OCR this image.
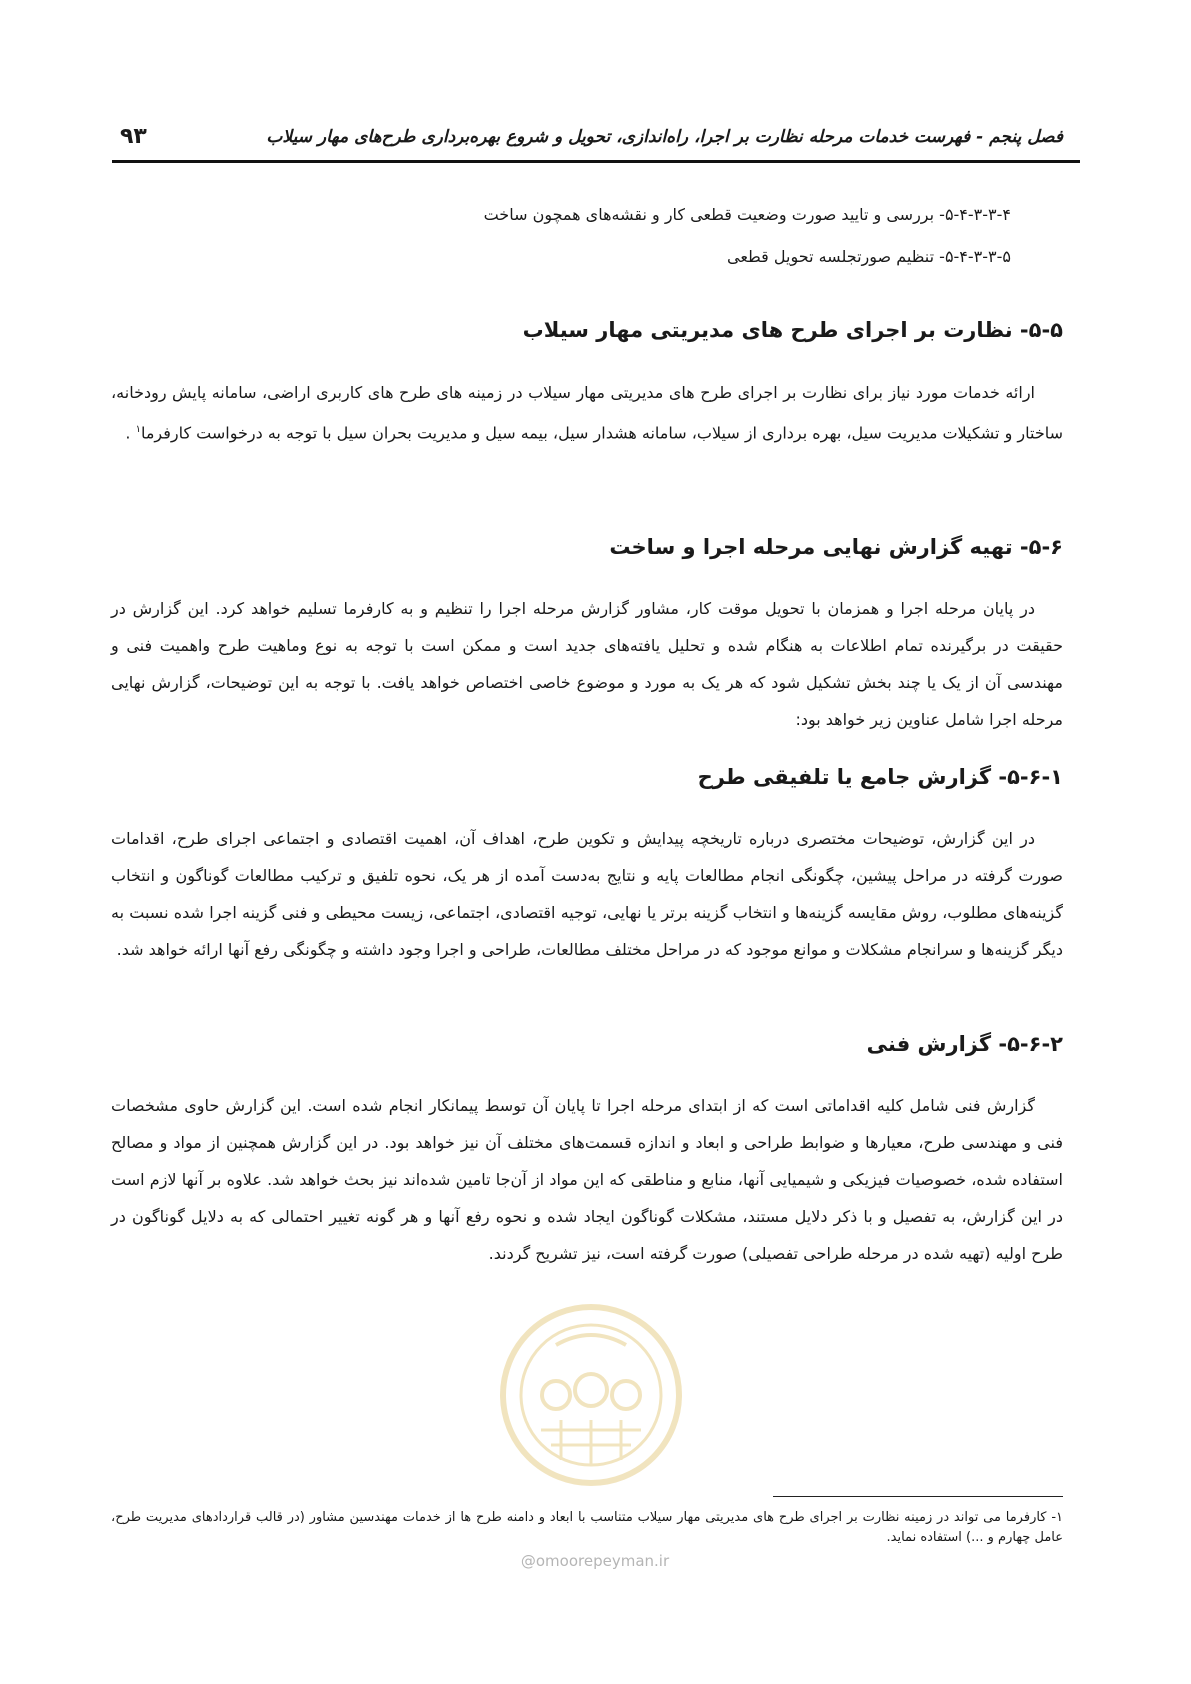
فصل پنجم - فهرست خدمات مرحله نظارت بر اجرا، راه‌اندازی، تحویل و شروع بهره‌برداری طرح‌های مهار سیلاب
۹۳
۵-۴-۳-۳-۴- بررسی و تایید صورت وضعیت قطعی کار و نقشه‌های همچون ساخت
۵-۴-۳-۳-۵- تنظیم صورتجلسه تحویل قطعی
۵-۵- نظارت بر اجرای طرح های مدیریتی مهار سیلاب

ارائه خدمات مورد نیاز برای نظارت بر اجرای طرح های مدیریتی مهار سیلاب در زمینه های طرح های کاربری اراضی، سامانه پایش رودخانه، ساختار و تشکیلات مدیریت سیل، بهره برداری از سیلاب، سامانه هشدار سیل، بیمه سیل و مدیریت بحران سیل با توجه به درخواست کارفرما$^۱$ .

۵-۶- تهیه گزارش نهایی مرحله اجرا و ساخت

در پایان مرحله اجرا و همزمان با تحویل موقت کار، مشاور گزارش مرحله اجرا را تنظیم و به کارفرما تسلیم خواهد کرد. این گزارش در حقیقت در برگیرنده تمام اطلاعات به هنگام شده و تحلیل یافته‌های جدید است و ممکن است با توجه به نوع وماهیت طرح واهمیت فنی و مهندسی آن از یک یا چند بخش تشکیل شود که هر یک به مورد و موضوع خاصی اختصاص خواهد یافت. با توجه به این توضیحات، گزارش نهایی مرحله اجرا شامل عناوین زیر خواهد بود:

۵-۶-۱- گزارش جامع یا تلفیقی طرح

در این گزارش، توضیحات مختصری درباره تاریخچه پیدایش و تکوین طرح، اهداف آن، اهمیت اقتصادی و اجتماعی اجرای طرح، اقدامات صورت گرفته در مراحل پیشین، چگونگی انجام مطالعات پایه و نتایج به‌دست آمده از هر یک، نحوه تلفیق و ترکیب مطالعات گوناگون و انتخاب گزینه‌های مطلوب، روش مقایسه گزینه‌ها و انتخاب گزینه برتر یا نهایی، توجیه اقتصادی، اجتماعی، زیست محیطی و فنی گزینه اجرا شده نسبت به دیگر گزینه‌ها و سرانجام مشکلات و موانع موجود که در مراحل مختلف مطالعات، طراحی و اجرا وجود داشته و چگونگی رفع آنها ارائه خواهد شد.

۵-۶-۲- گزارش فنی

گزارش فنی شامل کلیه اقداماتی است که از ابتدای مرحله اجرا تا پایان آن توسط پیمانکار انجام شده است. این گزارش حاوی مشخصات فنی و مهندسی طرح، معیارها و ضوابط طراحی و ابعاد و اندازه قسمت‌های مختلف آن نیز خواهد بود. در این گزارش همچنین از مواد و مصالح استفاده شده، خصوصیات فیزیکی و شیمیایی آنها، منابع و مناطقی که این مواد از آن‌جا تامین شده‌اند نیز بحث خواهد شد. علاوه بر آنها لازم است در این گزارش، به تفصیل و با ذکر دلایل مستند، مشکلات گوناگون ایجاد شده و نحوه رفع آنها و هر گونه تغییر احتمالی که به دلایل گوناگون در طرح اولیه (تهیه شده در مرحله طراحی تفصیلی) صورت گرفته است، نیز تشریح گردند.

۱- کارفرما می تواند در زمینه نظارت بر اجرای طرح های مدیریتی مهار سیلاب متناسب با ابعاد و دامنه طرح ها از خدمات مهندسین مشاور (در قالب قراردادهای مدیریت طرح، عامل چهارم و ...) استفاده نماید.

@omoorepeyman.ir
